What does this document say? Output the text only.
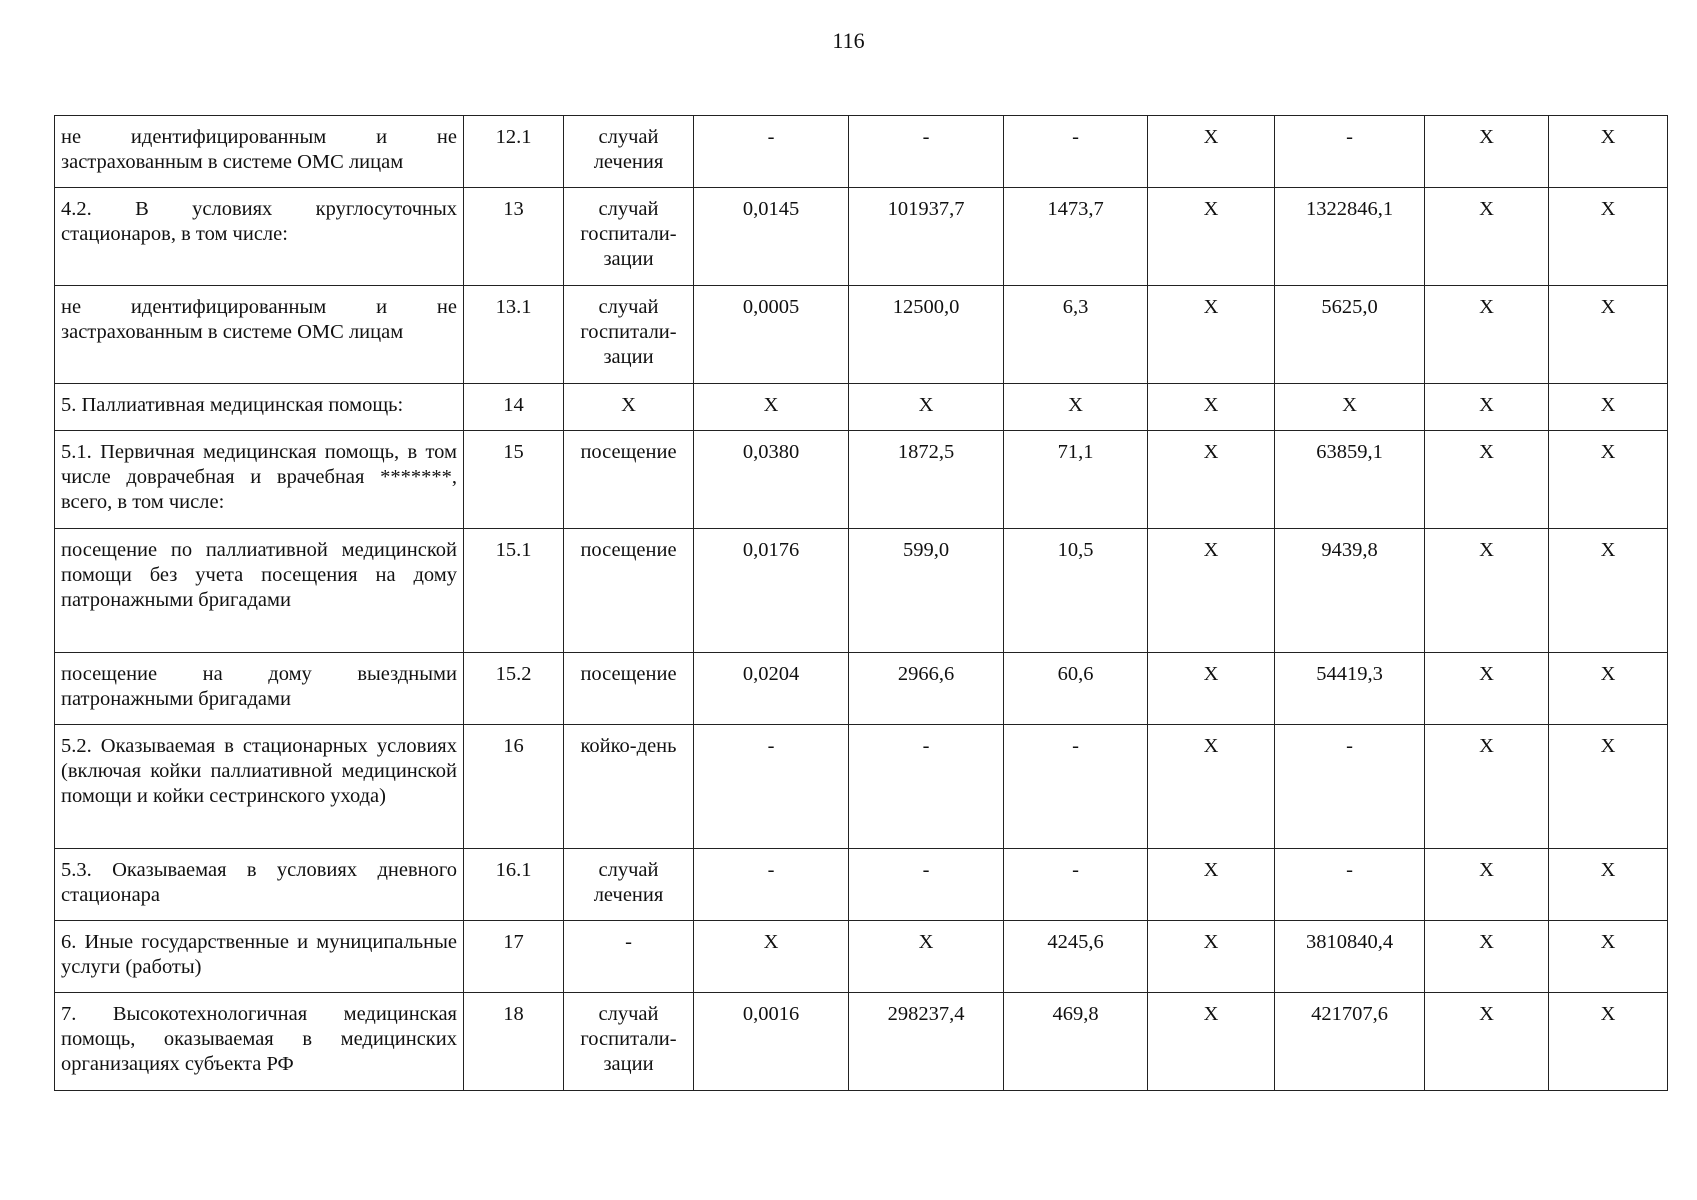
116
не идентифицированным и не застрахованным в системе ОМС лицам	12.1	случай лечения	-	-	-	Х	-	Х	Х
4.2. В условиях круглосуточных стационаров, в том числе:	13	случай госпитали-зации	0,0145	101937,7	1473,7	Х	1322846,1	Х	Х
не идентифицированным и не застрахованным в системе ОМС лицам	13.1	случай госпитали-зации	0,0005	12500,0	6,3	Х	5625,0	Х	Х
5. Паллиативная медицинская помощь:	14	Х	Х	Х	Х	Х	Х	Х	Х
5.1. Первичная медицинская помощь, в том числе доврачебная и врачебная *******, всего, в том числе:	15	посещение	0,0380	1872,5	71,1	Х	63859,1	Х	Х
посещение по паллиативной медицинской помощи без учета посещения на дому патронажными бригадами	15.1	посещение	0,0176	599,0	10,5	Х	9439,8	Х	Х
посещение на дому выездными патронажными бригадами	15.2	посещение	0,0204	2966,6	60,6	Х	54419,3	Х	Х
5.2. Оказываемая в стационарных условиях (включая койки паллиативной медицинской помощи и койки сестринского ухода)	16	койко-день	-	-	-	Х	-	Х	Х
5.3. Оказываемая в условиях дневного стационара	16.1	случай лечения	-	-	-	Х	-	Х	Х
6. Иные государственные и муниципальные услуги (работы)	17	-	Х	Х	4245,6	Х	3810840,4	Х	Х
7. Высокотехнологичная медицинская помощь, оказываемая в медицинских организациях субъекта РФ	18	случай госпитали-зации	0,0016	298237,4	469,8	Х	421707,6	Х	Х
